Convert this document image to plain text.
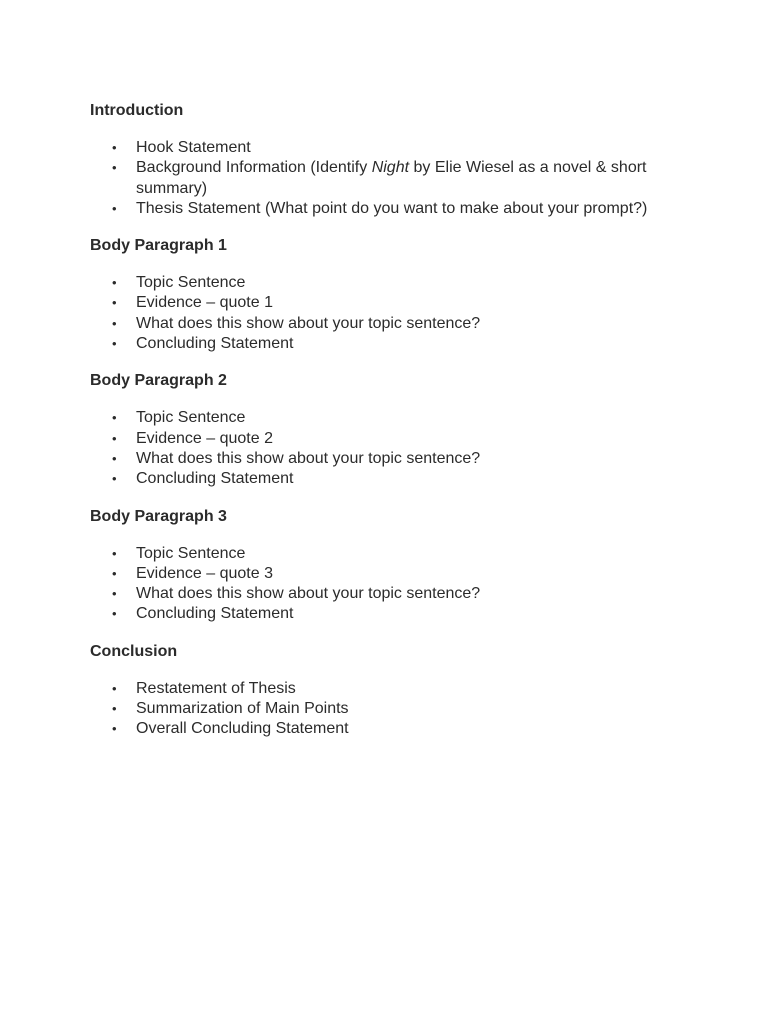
Introduction

• Hook Statement
• Background Information (Identify Night by Elie Wiesel as a novel & short summary)
• Thesis Statement (What point do you want to make about your prompt?)

Body Paragraph 1

• Topic Sentence
• Evidence – quote 1
• What does this show about your topic sentence?
• Concluding Statement

Body Paragraph 2

• Topic Sentence
• Evidence – quote 2
• What does this show about your topic sentence?
• Concluding Statement

Body Paragraph 3

• Topic Sentence
• Evidence – quote 3
• What does this show about your topic sentence?
• Concluding Statement

Conclusion

• Restatement of Thesis
• Summarization of Main Points
• Overall Concluding Statement
